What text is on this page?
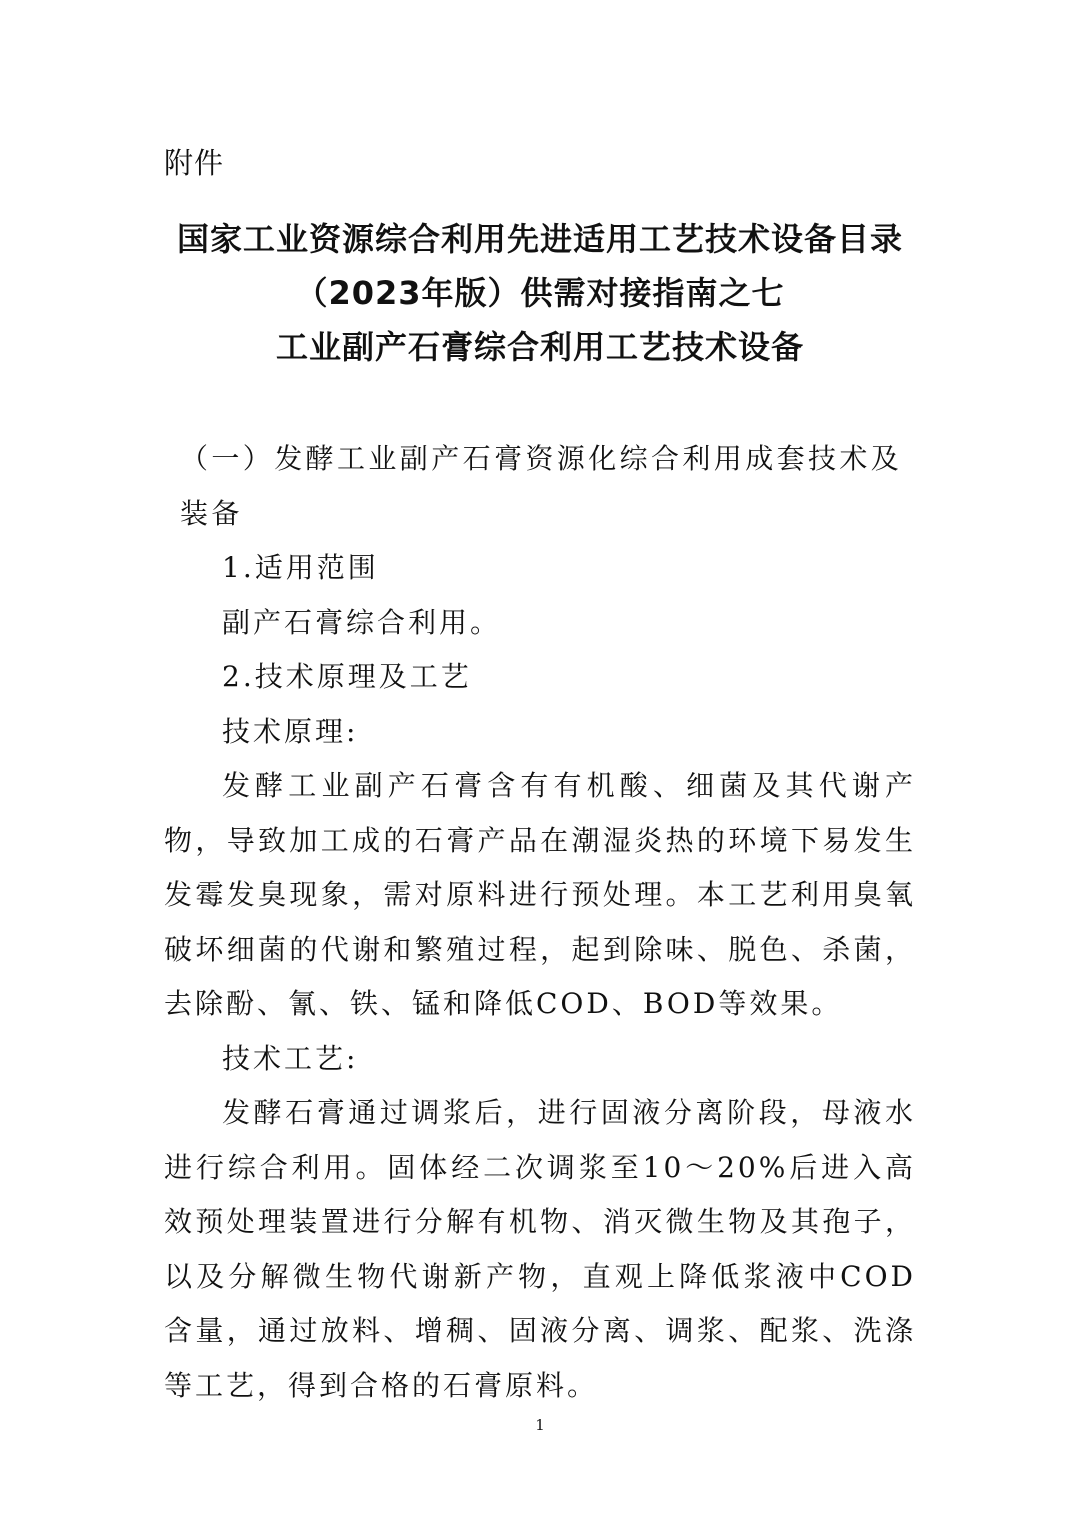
附件
国家工业资源综合利用先进适用工艺技术设备目录
（2023年版）供需对接指南之七
工业副产石膏综合利用工艺技术设备

（一）发酵工业副产石膏资源化综合利用成套技术及装备

1.适用范围

副产石膏综合利用。

2.技术原理及工艺

技术原理:

发酵工业副产石膏含有有机酸、细菌及其代谢产物，导致加工成的石膏产品在潮湿炎热的环境下易发生发霉发臭现象，需对原料进行预处理。本工艺利用臭氧破坏细菌的代谢和繁殖过程，起到除味、脱色、杀菌，去除酚、氰、铁、锰和降低COD、BOD等效果。

技术工艺:

发酵石膏通过调浆后，进行固液分离阶段，母液水进行综合利用。固体经二次调浆至10～20%后进入高效预处理装置进行分解有机物、消灭微生物及其孢子，以及分解微生物代谢新产物，直观上降低浆液中COD含量，通过放料、增稠、固液分离、调浆、配浆、洗涤等工艺，得到合格的石膏原料。

1
